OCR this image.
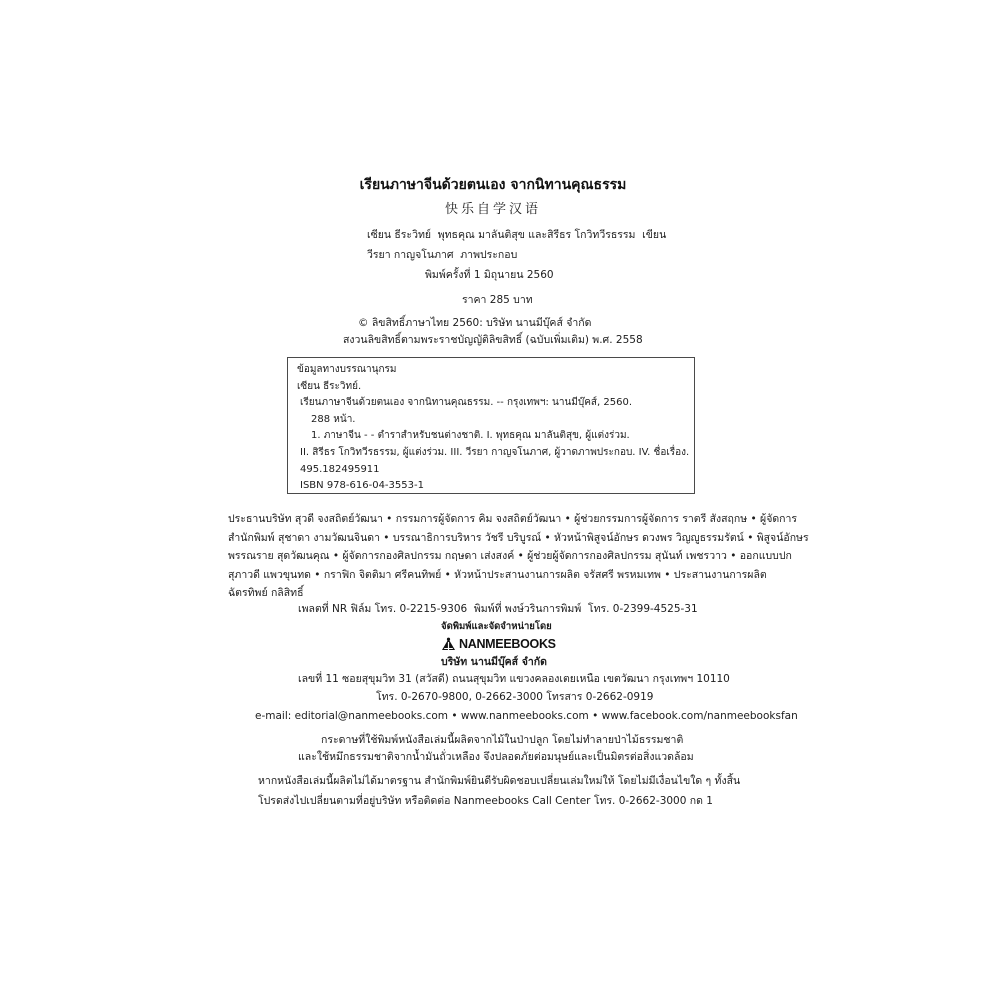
เรียนภาษาจีนด้วยตนเอง จากนิทานคุณธรรม
快乐自学汉语
เซียน ธีระวิทย์  พุทธคุณ มาลันติสุข และสิรีธร โกวิทวีรธรรม  เขียน
วีรยา กาญจโนภาศ  ภาพประกอบ
พิมพ์ครั้งที่ 1 มิถุนายน 2560
ราคา 285 บาท
© ลิขสิทธิ์ภาษาไทย 2560: บริษัท นานมีบุ๊คส์ จำกัด
สงวนลิขสิทธิ์ตามพระราชบัญญัติลิขสิทธิ์ (ฉบับเพิ่มเติม) พ.ศ. 2558
ข้อมูลทางบรรณานุกรม
เซียน ธีระวิทย์.
เรียนภาษาจีนด้วยตนเอง จากนิทานคุณธรรม. -- กรุงเทพฯ: นานมีบุ๊คส์, 2560.
288 หน้า.
1. ภาษาจีน - - ตำราสำหรับชนต่างชาติ. I. พุทธคุณ มาลันติสุข, ผู้แต่งร่วม.
II. สิรีธร โกวิทวีรธรรม, ผู้แต่งร่วม. III. วีรยา กาญจโนภาศ, ผู้วาดภาพประกอบ. IV. ชื่อเรื่อง.
495.182495911
ISBN 978-616-04-3553-1
ประธานบริษัท สุวดี จงสถิตย์วัฒนา • กรรมการผู้จัดการ คิม จงสถิตย์วัฒนา • ผู้ช่วยกรรมการผู้จัดการ ราตรี สังสฤกษ • ผู้จัดการ
สำนักพิมพ์ สุชาดา งามวัฒนจินดา • บรรณาธิการบริหาร วัชรี บริบูรณ์ • หัวหน้าพิสูจน์อักษร ดวงพร วิญญูธรรมรัตน์ • พิสูจน์อักษร
พรรณราย สุดวัฒนคุณ • ผู้จัดการกองศิลปกรรม กฤษดา เส่งสงค์ • ผู้ช่วยผู้จัดการกองศิลปกรรม สุนันท์ เพชรวาว • ออกแบบปก
สุภาวดี แพวขุนทด • กราฟิก จิตติมา ศรีคนทิพย์ • หัวหน้าประสานงานการผลิต จรัสศรี พรหมเทพ • ประสานงานการผลิต
ฉัตรทิพย์ กลิสิทธิ์
เพลตที่ NR ฟิล์ม โทร. 0-2215-9306  พิมพ์ที่ พงษ์วรินการพิมพ์  โทร. 0-2399-4525-31
จัดพิมพ์และจัดจำหน่ายโดย
NANMEEBOOKS
บริษัท นานมีบุ๊คส์ จำกัด
เลขที่ 11 ซอยสุขุมวิท 31 (สวัสดี) ถนนสุขุมวิท แขวงคลองเตยเหนือ เขตวัฒนา กรุงเทพฯ 10110
โทร. 0-2670-9800, 0-2662-3000 โทรสาร 0-2662-0919
e-mail: editorial@nanmeebooks.com • www.nanmeebooks.com • www.facebook.com/nanmeebooksfan
กระดาษที่ใช้พิมพ์หนังสือเล่มนี้ผลิตจากไม้ในป่าปลูก โดยไม่ทำลายป่าไม้ธรรมชาติ
และใช้หมึกธรรมชาติจากน้ำมันถั่วเหลือง จึงปลอดภัยต่อมนุษย์และเป็นมิตรต่อสิ่งแวดล้อม
หากหนังสือเล่มนี้ผลิตไม่ได้มาตรฐาน สำนักพิมพ์ยินดีรับผิดชอบเปลี่ยนเล่มใหม่ให้ โดยไม่มีเงื่อนไขใด ๆ ทั้งสิ้น
โปรดส่งไปเปลี่ยนตามที่อยู่บริษัท หรือติดต่อ Nanmeebooks Call Center โทร. 0-2662-3000 กด 1
